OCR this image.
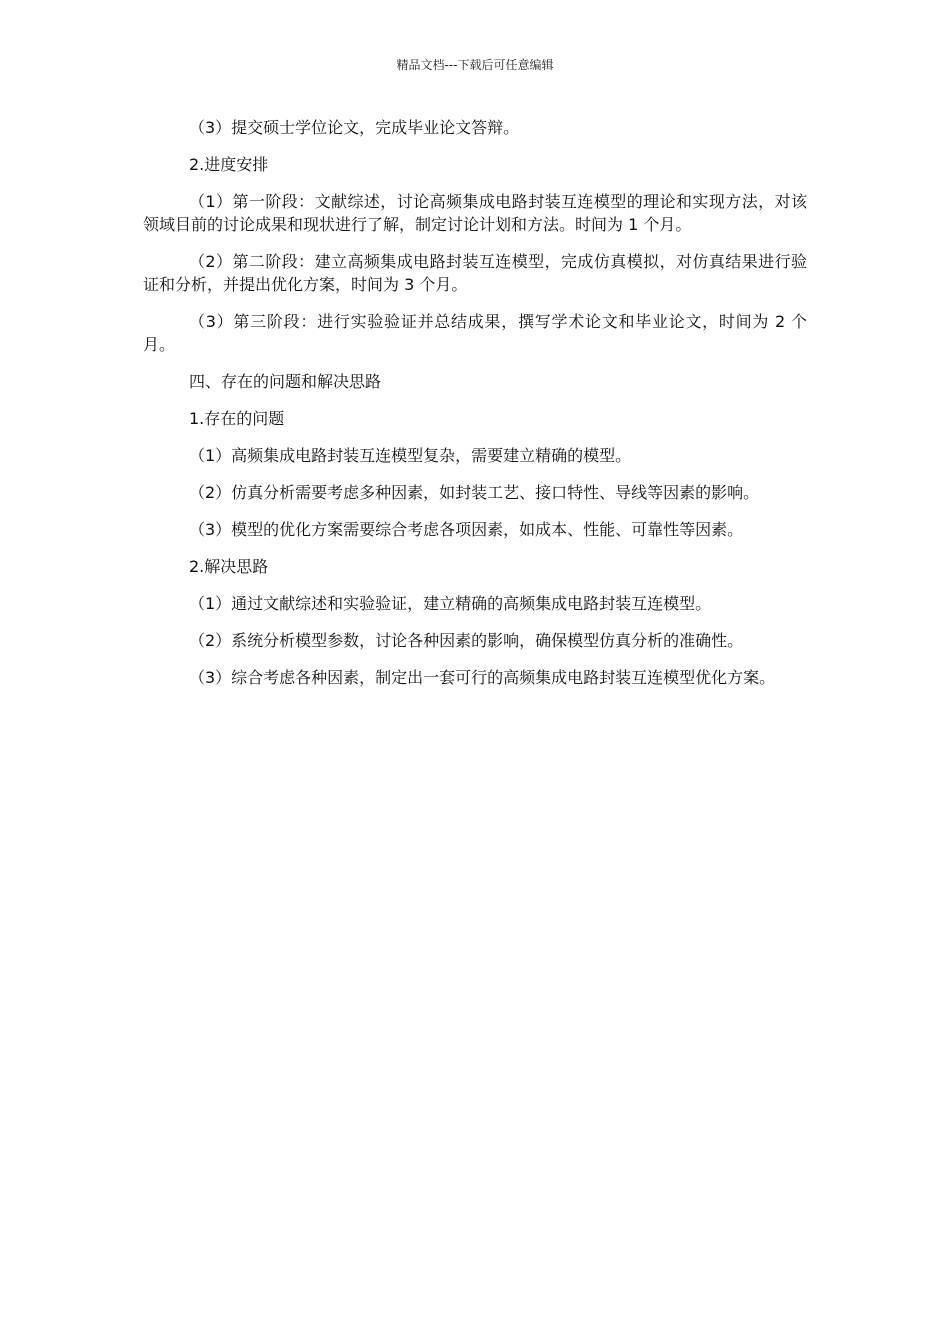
精品文档---下载后可任意编辑

（3）提交硕士学位论文，完成毕业论文答辩。

2.进度安排

（1）第一阶段：文献综述，讨论高频集成电路封装互连模型的理论和实现方法，对该领域目前的讨论成果和现状进行了解，制定讨论计划和方法。时间为 1 个月。

（2）第二阶段：建立高频集成电路封装互连模型，完成仿真模拟，对仿真结果进行验证和分析，并提出优化方案，时间为 3 个月。

（3）第三阶段：进行实验验证并总结成果，撰写学术论文和毕业论文，时间为 2 个月。

四、存在的问题和解决思路

1.存在的问题

（1）高频集成电路封装互连模型复杂，需要建立精确的模型。

（2）仿真分析需要考虑多种因素，如封装工艺、接口特性、导线等因素的影响。

（3）模型的优化方案需要综合考虑各项因素，如成本、性能、可靠性等因素。

2.解决思路

（1）通过文献综述和实验验证，建立精确的高频集成电路封装互连模型。

（2）系统分析模型参数，讨论各种因素的影响，确保模型仿真分析的准确性。

（3）综合考虑各种因素，制定出一套可行的高频集成电路封装互连模型优化方案。
